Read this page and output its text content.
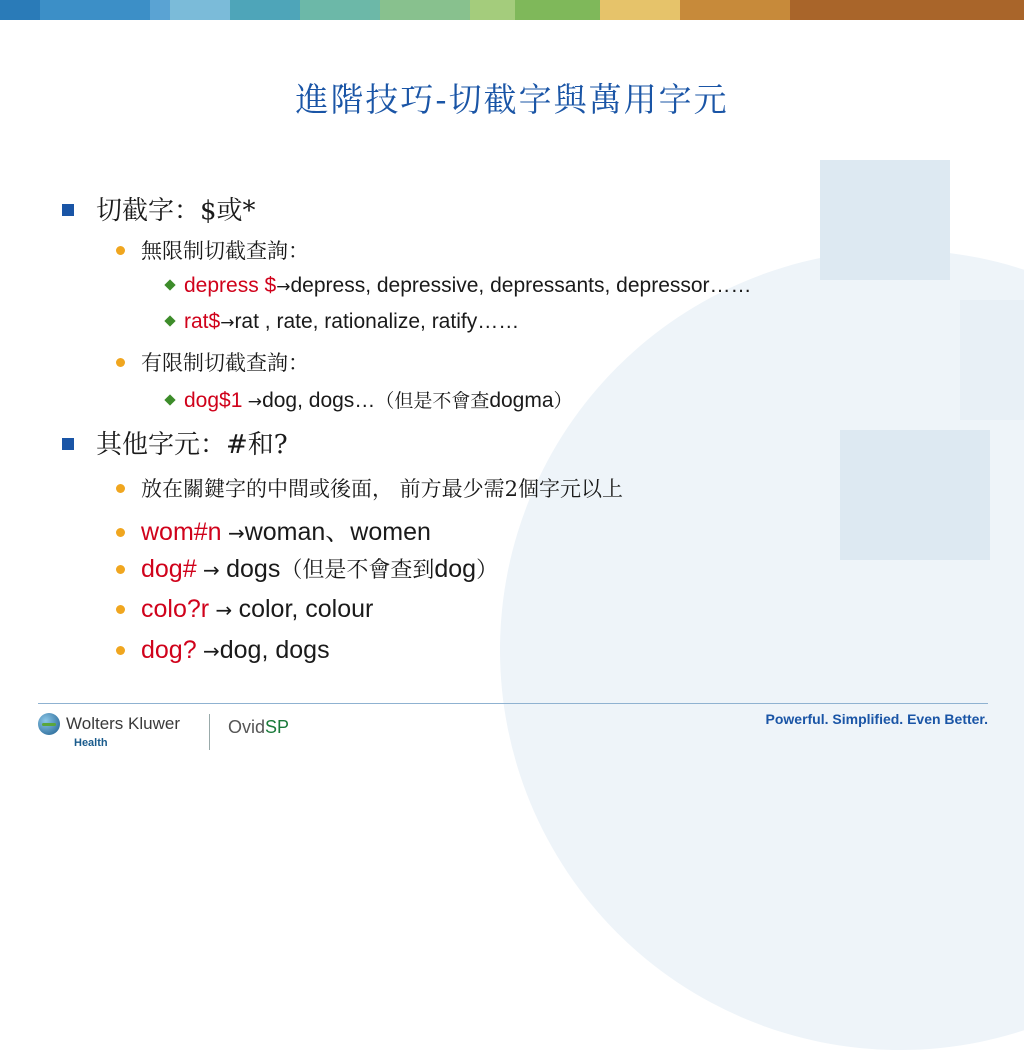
進階技巧-切截字與萬用字元
切截字：$或*
無限制切截查詢：
depress $→depress, depressive, depressants, depressor……
rat$→rat , rate, rationalize, ratify……
有限制切截查詢：
dog$1 →dog, dogs…（但是不會查dogma）
其他字元：#和?
放在關鍵字的中間或後面， 前方最少需2個字元以上
wom#n →woman、women
dog# → dogs（但是不會查到dog）
colo?r → color, colour
dog? →dog, dogs
Wolters Kluwer
Health
OvidSP	Powerful. Simplified. Even Better.
